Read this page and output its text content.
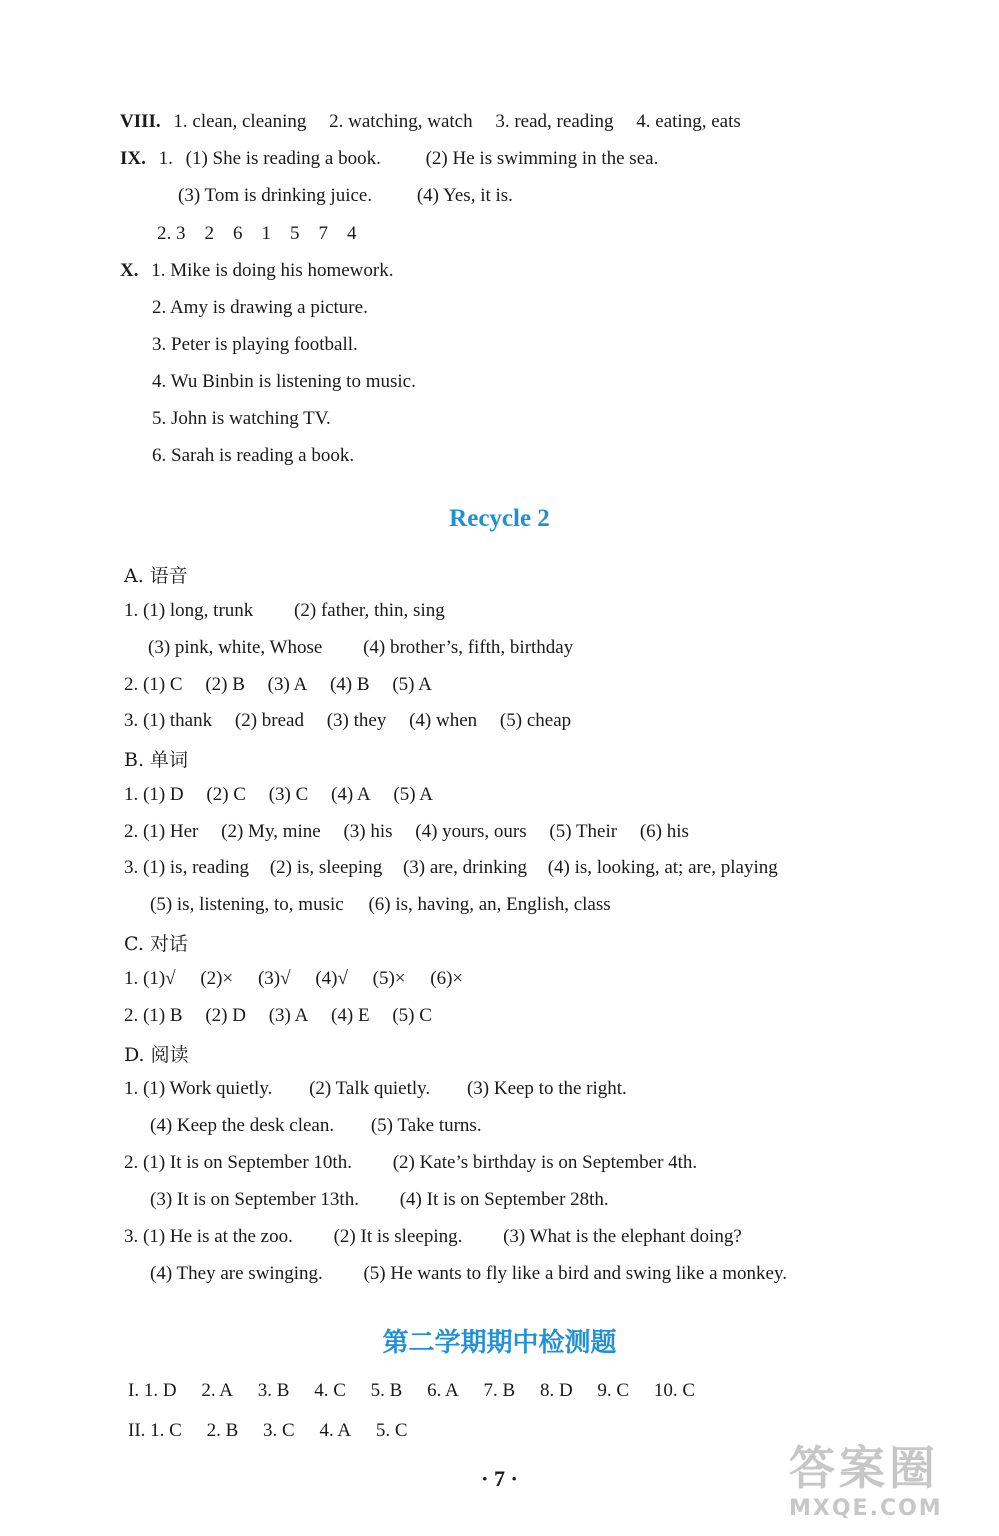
VIII. 1. clean, cleaning 2. watching, watch 3. read, reading 4. eating, eats
IX. 1. (1) She is reading a book. (2) He is swimming in the sea.
(3) Tom is drinking juice. (4) Yes, it is.
2. 3    2    6    1    5    7    4
X. 1. Mike is doing his homework.
2. Amy is drawing a picture.
3. Peter is playing football.
4. Wu Binbin is listening to music.
5. John is watching TV.
6. Sarah is reading a book.
Recycle 2
A. 语音
1. (1) long, trunk (2) father, thin, sing
(3) pink, white, Whose (4) brother’s, fifth, birthday
2. (1) C (2) B (3) A (4) B (5) A
3. (1) thank (2) bread (3) they (4) when (5) cheap
B. 单词
1. (1) D (2) C (3) C (4) A (5) A
2. (1) Her (2) My, mine (3) his (4) yours, ours (5) Their (6) his
3. (1) is, reading (2) is, sleeping (3) are, drinking (4) is, looking, at; are, playing
(5) is, listening, to, music (6) is, having, an, English, class
C. 对话
1. (1)√ (2)× (3)√ (4)√ (5)× (6)×
2. (1) B (2) D (3) A (4) E (5) C
D. 阅读
1. (1) Work quietly. (2) Talk quietly. (3) Keep to the right.
(4) Keep the desk clean. (5) Take turns.
2. (1) It is on September 10th. (2) Kate’s birthday is on September 4th.
(3) It is on September 13th. (4) It is on September 28th.
3. (1) He is at the zoo. (2) It is sleeping. (3) What is the elephant doing?
(4) They are swinging. (5) He wants to fly like a bird and swing like a monkey.
第二学期期中检测题
I. 1. D 2. A 3. B 4. C 5. B 6. A 7. B 8. D 9. C 10. C
II. 1. C 2. B 3. C 4. A 5. C
· 7 ·	答案圈
MXQE.COM
